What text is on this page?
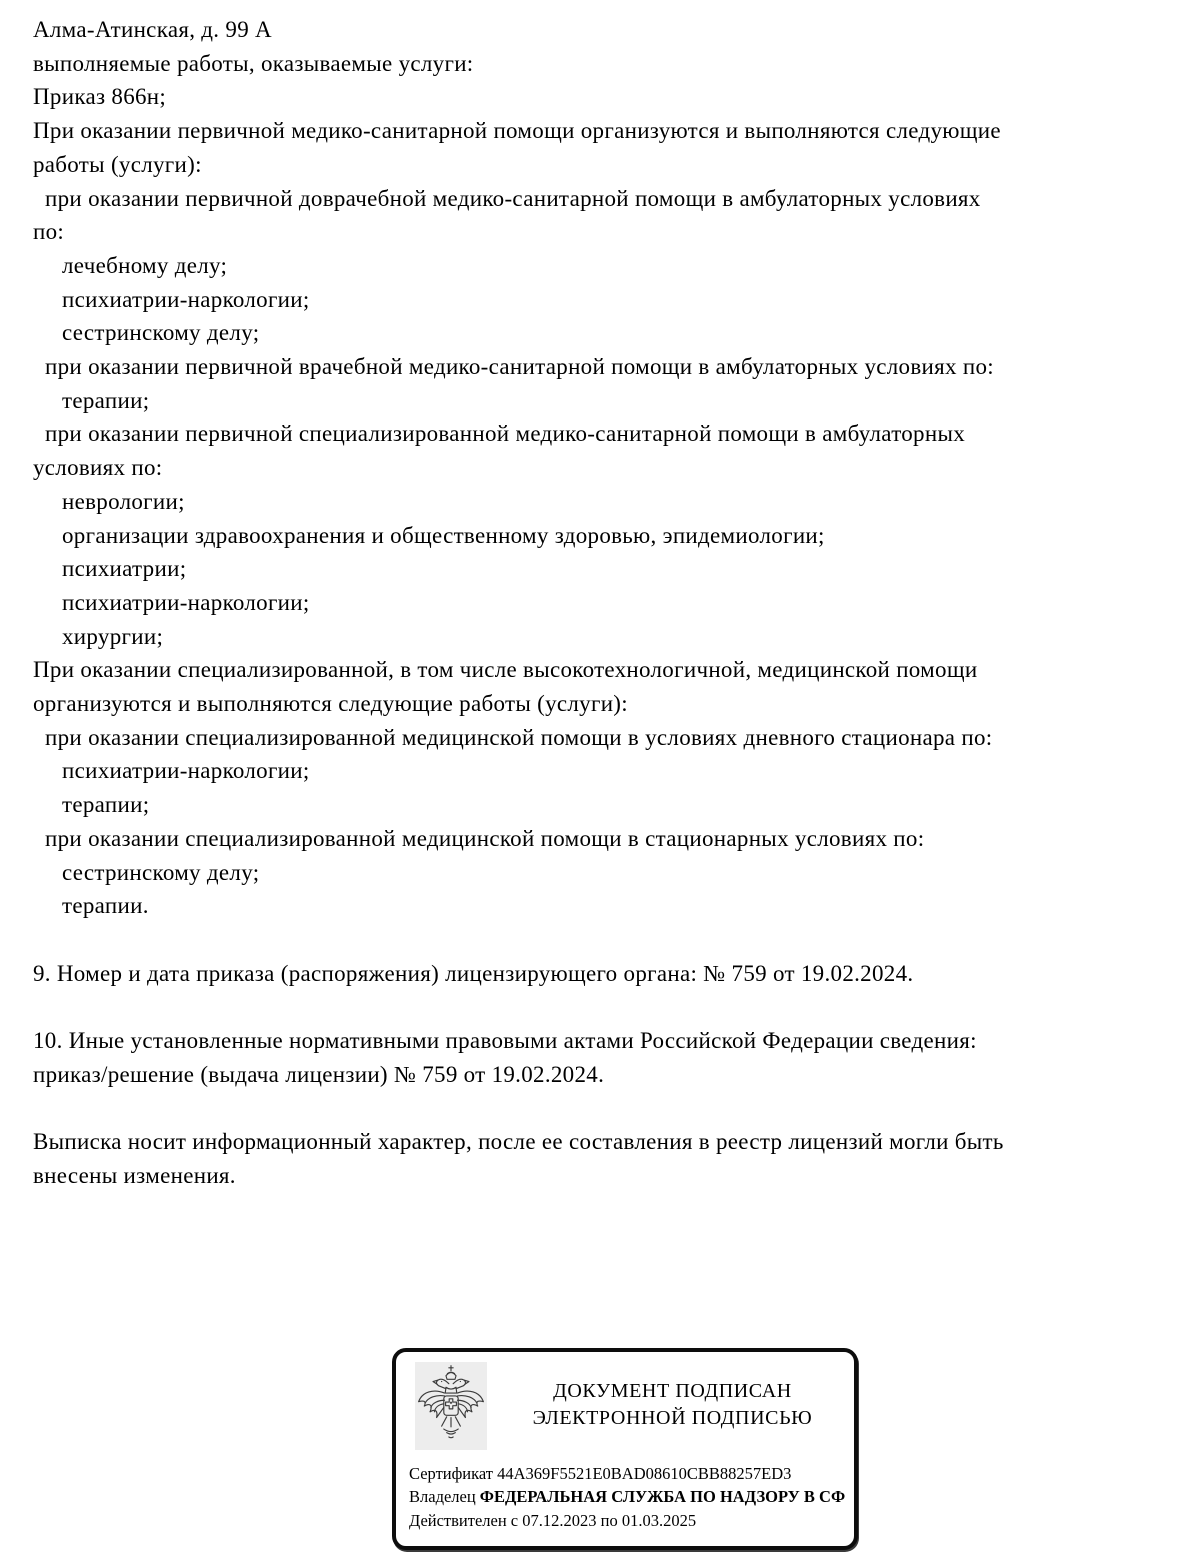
Алма-Атинская, д. 99 А
выполняемые работы, оказываемые услуги:
Приказ 866н;
При оказании первичной медико-санитарной помощи организуются и выполняются следующие
работы (услуги):
при оказании первичной доврачебной медико-санитарной помощи в амбулаторных условиях
по:
лечебному делу;
психиатрии-наркологии;
сестринскому делу;
при оказании первичной врачебной медико-санитарной помощи в амбулаторных условиях по:
терапии;
при оказании первичной специализированной медико-санитарной помощи в амбулаторных
условиях по:
неврологии;
организации здравоохранения и общественному здоровью, эпидемиологии;
психиатрии;
психиатрии-наркологии;
хирургии;
При оказании специализированной, в том числе высокотехнологичной, медицинской помощи
организуются и выполняются следующие работы (услуги):
при оказании специализированной медицинской помощи в условиях дневного стационара по:
психиатрии-наркологии;
терапии;
при оказании специализированной медицинской помощи в стационарных условиях по:
сестринскому делу;
терапии.

9. Номер и дата приказа (распоряжения) лицензирующего органа: № 759 от 19.02.2024.

10. Иные установленные нормативными правовыми актами Российской Федерации сведения:
приказ/решение (выдача лицензии) № 759 от 19.02.2024.

Выписка носит информационный характер, после ее составления в реестр лицензий могли быть
внесены изменения.
ДОКУМЕНТ ПОДПИСАН
ЭЛЕКТРОННОЙ ПОДПИСЬЮ
Сертификат 44A369F5521E0BAD08610CBB88257ED3
Владелец ФЕДЕРАЛЬНАЯ СЛУЖБА ПО НАДЗОРУ В СФ
Действителен с 07.12.2023 по 01.03.2025
